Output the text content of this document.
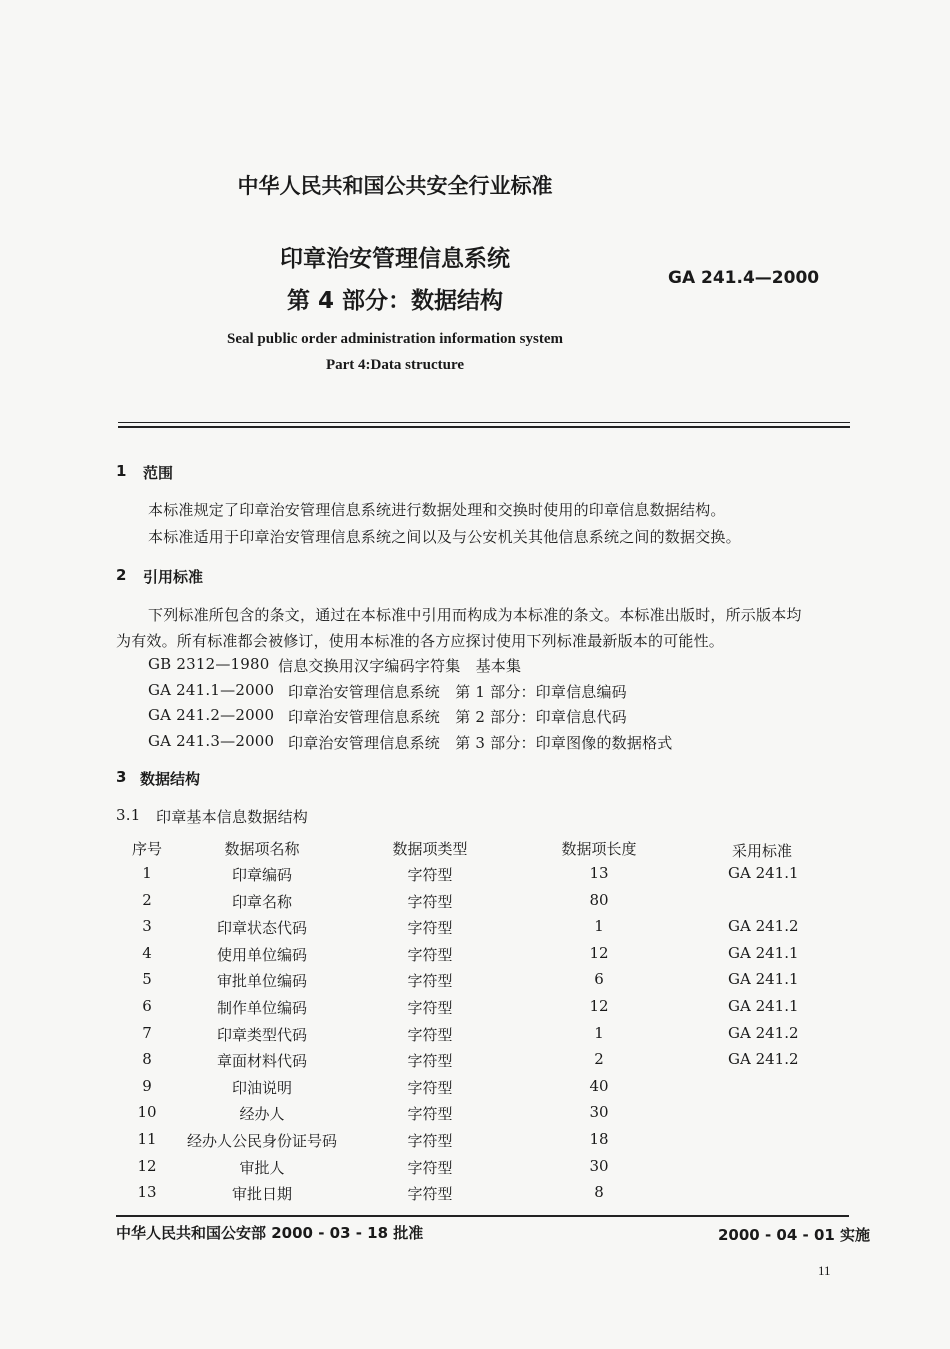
中华人民共和国公共安全行业标准
印章治安管理信息系统
第 4 部分：数据结构
GA 241.4—2000
Seal public order administration information system
Part 4:Data structure
1 范围
本标准规定了印章治安管理信息系统进行数据处理和交换时使用的印章信息数据结构。
本标准适用于印章治安管理信息系统之间以及与公安机关其他信息系统之间的数据交换。
2 引用标准
下列标准所包含的条文，通过在本标准中引用而构成为本标准的条文。本标准出版时，所示版本均
为有效。所有标准都会被修订，使用本标准的各方应探讨使用下列标准最新版本的可能性。
GB 2312—1980 信息交换用汉字编码字符集　基本集
GA 241.1—2000 印章治安管理信息系统　第 1 部分：印章信息编码
GA 241.2—2000 印章治安管理信息系统　第 2 部分：印章信息代码
GA 241.3—2000 印章治安管理信息系统　第 3 部分：印章图像的数据格式
3 数据结构
3.1 印章基本信息数据结构
序号	数据项名称	数据项类型	数据项长度	采用标准
1	印章编码	字符型	13	GA 241.1
2	印章名称	字符型	80
3	印章状态代码	字符型	1	GA 241.2
4	使用单位编码	字符型	12	GA 241.1
5	审批单位编码	字符型	6	GA 241.1
6	制作单位编码	字符型	12	GA 241.1
7	印章类型代码	字符型	1	GA 241.2
8	章面材料代码	字符型	2	GA 241.2
9	印油说明	字符型	40
10	经办人	字符型	30
11	经办人公民身份证号码	字符型	18
12	审批人	字符型	30
13	审批日期	字符型	8
中华人民共和国公安部 2000 - 03 - 18 批准	2000 - 04 - 01 实施
11
